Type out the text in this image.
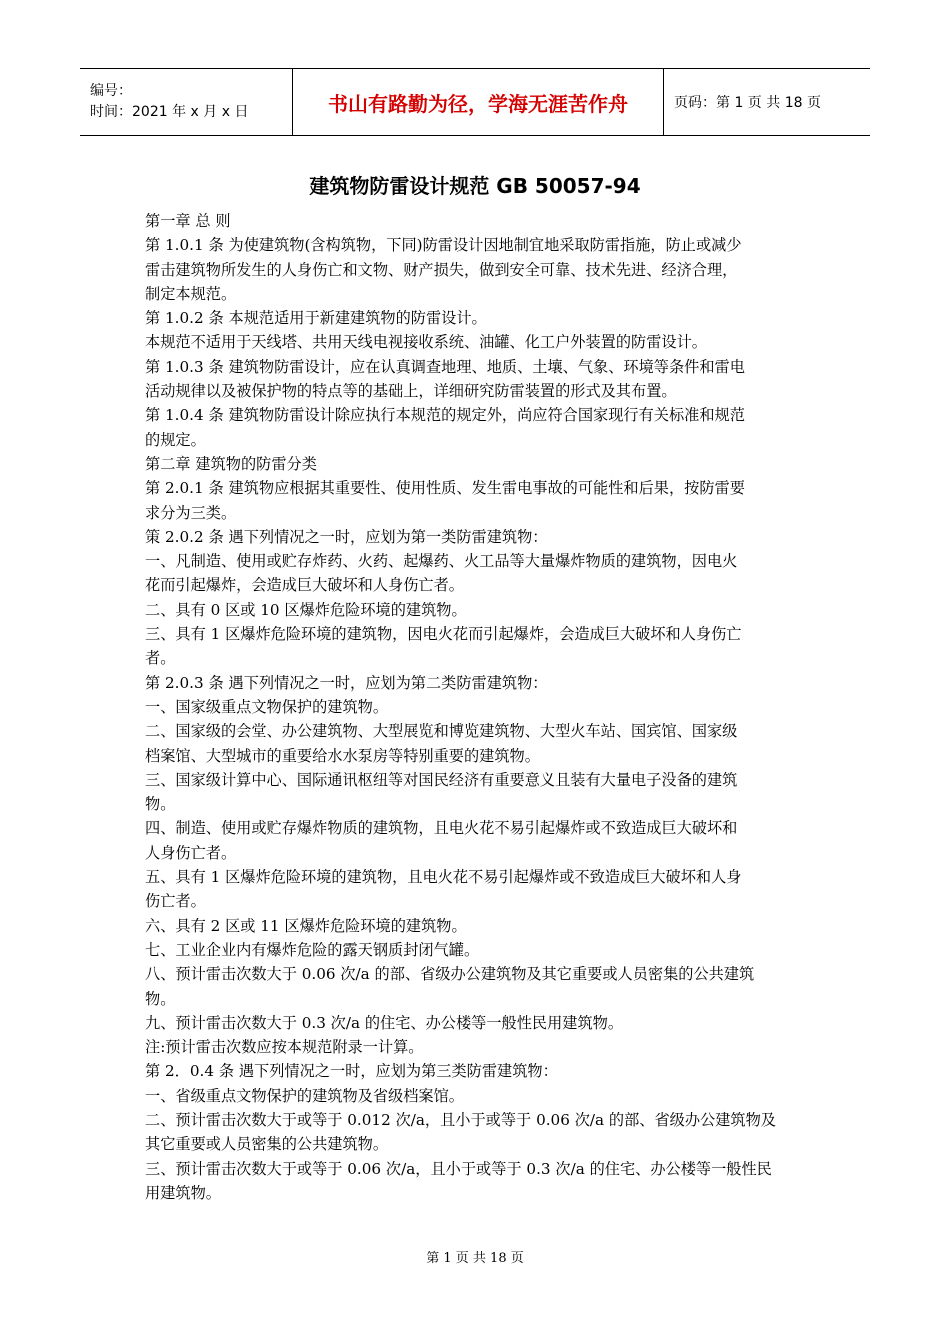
编号：
时间：2021 年 x 月 x 日	书山有路勤为径，学海无涯苦作舟	页码：第 1 页 共 18 页
建筑物防雷设计规范 GB 50057-94

第一章 总 则

第 1.0.1 条 为使建筑物(含构筑物，下同)防雷设计因地制宜地采取防雷指施，防止或减少

雷击建筑物所发生的人身伤亡和文物、财产损失，做到安全可靠、技术先进、经济合理，

制定本规范。

第 1.0.2 条 本规范适用于新建建筑物的防雷设计。

本规范不适用于天线塔、共用天线电视接收系统、油罐、化工户外装置的防雷设计。

第 1.0.3 条 建筑物防雷设计，应在认真调查地理、地质、土壤、气象、环境等条件和雷电

活动规律以及被保护物的特点等的基础上，详细研究防雷装置的形式及其布置。

第 1.0.4 条 建筑物防雷设计除应执行本规范的规定外，尚应符合国家现行有关标准和规范

的规定。

第二章 建筑物的防雷分类

第 2.0.1 条 建筑物应根据其重要性、使用性质、发生雷电事故的可能性和后果，按防雷要

求分为三类。

策 2.0.2 条 遇下列情况之一时，应划为第一类防雷建筑物：

一、凡制造、使用或贮存炸药、火药、起爆药、火工品等大量爆炸物质的建筑物，因电火

花而引起爆炸，会造成巨大破坏和人身伤亡者。

二、具有 0 区或 10 区爆炸危险环境的建筑物。

三、具有 1 区爆炸危险环境的建筑物，因电火花而引起爆炸，会造成巨大破坏和人身伤亡

者。

第 2.0.3 条 遇下列情况之一时，应划为第二类防雷建筑物：

一、国家级重点文物保护的建筑物。

二、国家级的会堂、办公建筑物、大型展览和博览建筑物、大型火车站、国宾馆、国家级

档案馆、大型城市的重要给水水泵房等特别重要的建筑物。

三、国家级计算中心、国际通讯枢纽等对国民经济有重要意义且装有大量电子没备的建筑

物。

四、制造、使用或贮存爆炸物质的建筑物，且电火花不易引起爆炸或不致造成巨大破坏和

人身伤亡者。

五、具有 1 区爆炸危险环境的建筑物，且电火花不易引起爆炸或不致造成巨大破坏和人身

伤亡者。

六、具有 2 区或 11 区爆炸危险环境的建筑物。

七、工业企业内有爆炸危险的露天钢质封闭气罐。

八、预计雷击次数大于 0.06 次/a 的部、省级办公建筑物及其它重要或人员密集的公共建筑

物。

九、预计雷击次数大于 0.3 次/a 的住宅、办公楼等一般性民用建筑物。

注:预计雷击次数应按本规范附录一计算。

第 2．0.4 条 遇下列情况之一时，应划为第三类防雷建筑物：

一、省级重点文物保护的建筑物及省级档案馆。

二、预计雷击次数大于或等于 0.012 次/a，且小于或等于 0.06 次/a 的部、省级办公建筑物及

其它重要或人员密集的公共建筑物。

三、预计雷击次数大于或等于 0.06 次/a，且小于或等于 0.3 次/a 的住宅、办公楼等一般性民

用建筑物。

第 1 页 共 18 页
